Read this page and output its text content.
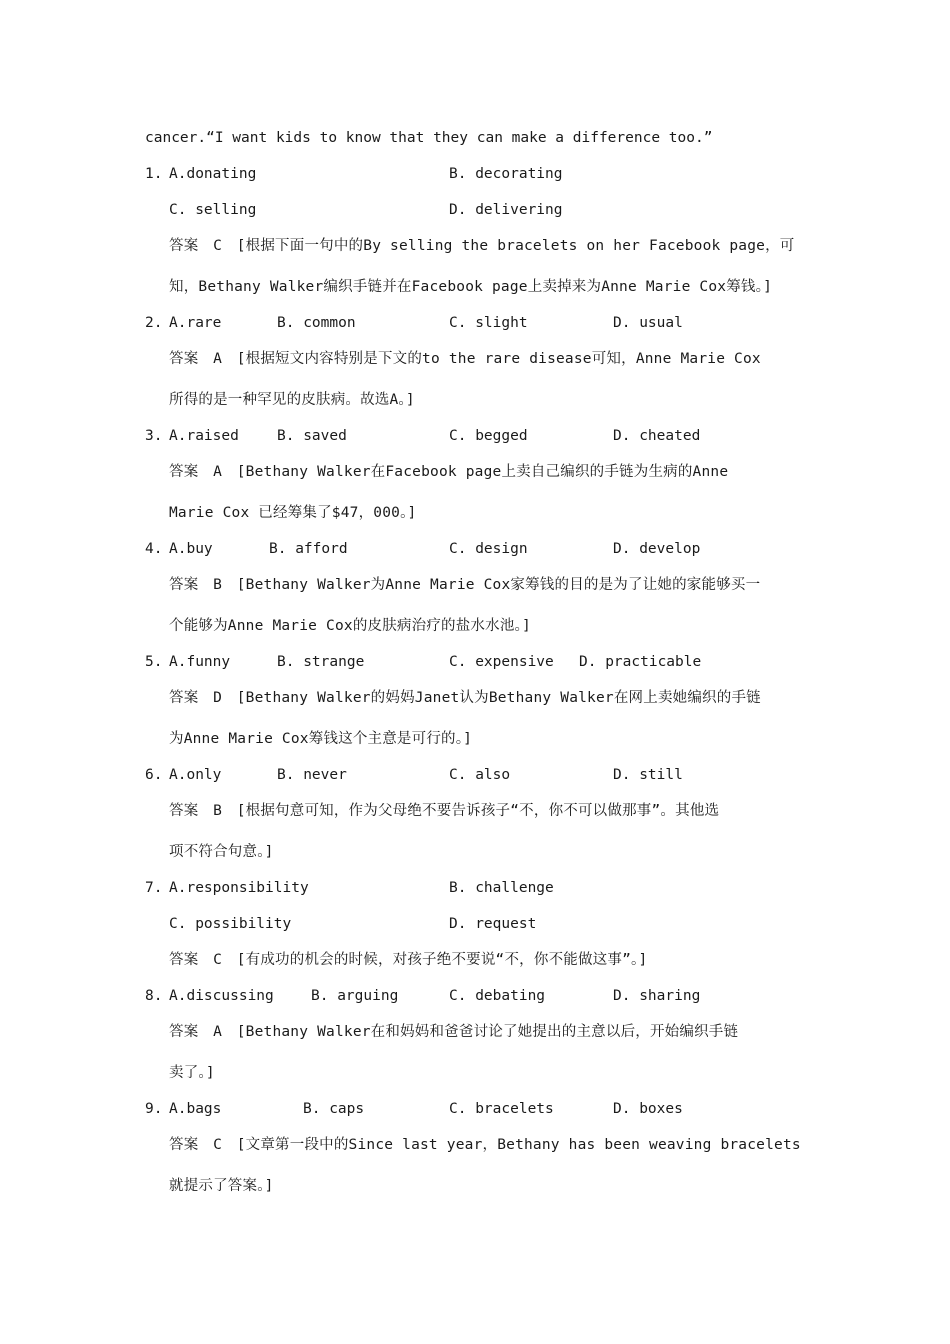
cancer.“I want kids to know that they can make a difference too.”
1. A.donating	B. decorating
C. selling	D. delivering
答案　C　[根据下面一句中的By selling the bracelets on her Facebook page，可
知，Bethany Walker编织手链并在Facebook page上卖掉来为Anne Marie Cox筹钱。]
2. A.rare	B. common	C. slight	D. usual
答案　A　[根据短文内容特别是下文的to the rare disease可知，Anne Marie Cox
所得的是一种罕见的皮肤病。故选A。]
3. A.raised	B. saved	C. begged	D. cheated
答案　A　[Bethany Walker在Facebook page上卖自己编织的手链为生病的Anne
Marie Cox 已经筹集了$47，000。]
4. A.buy	B. afford	C. design	D. develop
答案　B　[Bethany Walker为Anne Marie Cox家筹钱的目的是为了让她的家能够买一
个能够为Anne Marie Cox的皮肤病治疗的盐水水池。]
5. A.funny	B. strange	C. expensive D. practicable
答案　D　[Bethany Walker的妈妈Janet认为Bethany Walker在网上卖她编织的手链
为Anne Marie Cox筹钱这个主意是可行的。]
6. A.only	B. never	C. also	D. still
答案　B　[根据句意可知，作为父母绝不要告诉孩子“不，你不可以做那事”。其他选
项不符合句意。]
7. A.responsibility	B. challenge
C. possibility	D. request
答案　C　[有成功的机会的时候，对孩子绝不要说“不，你不能做这事”。]
8. A.discussing	B. arguing	C. debating	D. sharing
答案　A　[Bethany Walker在和妈妈和爸爸讨论了她提出的主意以后，开始编织手链
卖了。]
9. A.bags	B. caps	C. bracelets	D. boxes
答案　C　[文章第一段中的Since last year，Bethany has been weaving bracelets
就提示了答案。]
